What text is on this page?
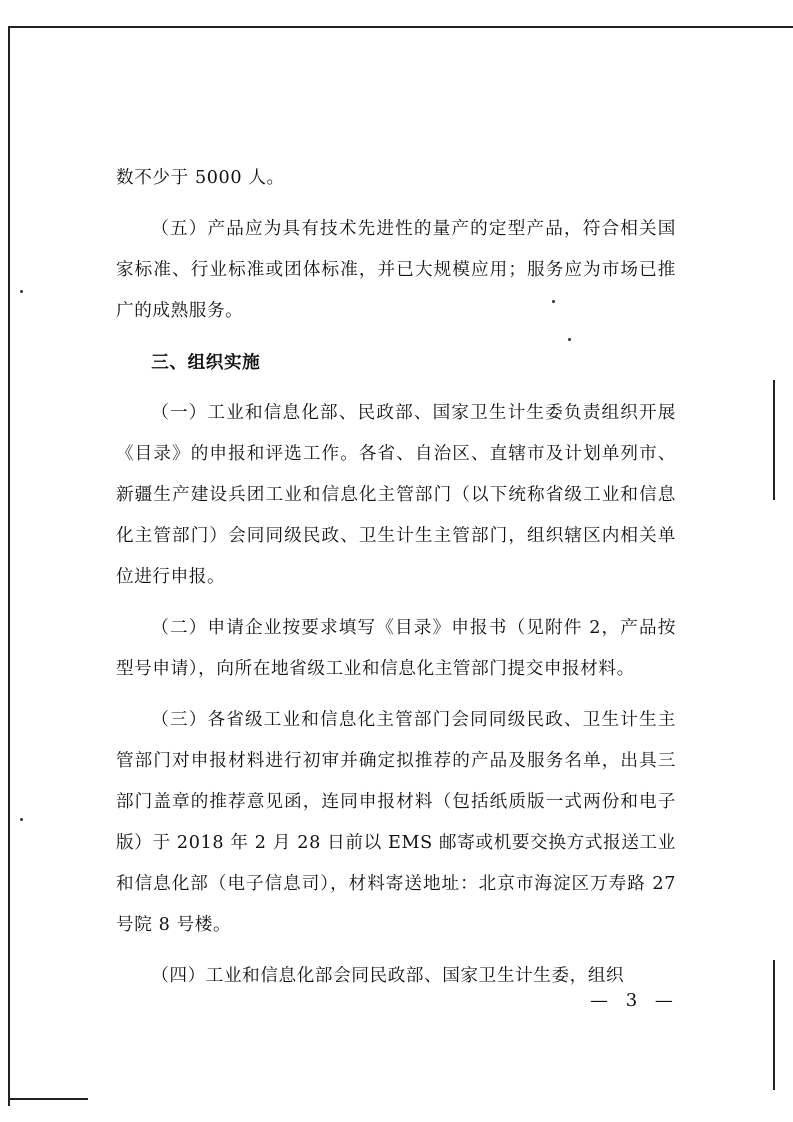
数不少于 5000 人。

（五）产品应为具有技术先进性的量产的定型产品，符合相关国家标准、行业标准或团体标准，并已大规模应用；服务应为市场已推广的成熟服务。

三、组织实施

（一）工业和信息化部、民政部、国家卫生计生委负责组织开展《目录》的申报和评选工作。各省、自治区、直辖市及计划单列市、新疆生产建设兵团工业和信息化主管部门（以下统称省级工业和信息化主管部门）会同同级民政、卫生计生主管部门，组织辖区内相关单位进行申报。

（二）申请企业按要求填写《目录》申报书（见附件 2，产品按型号申请），向所在地省级工业和信息化主管部门提交申报材料。

（三）各省级工业和信息化主管部门会同同级民政、卫生计生主管部门对申报材料进行初审并确定拟推荐的产品及服务名单，出具三部门盖章的推荐意见函，连同申报材料（包括纸质版一式两份和电子版）于 2018 年 2 月 28 日前以 EMS 邮寄或机要交换方式报送工业和信息化部（电子信息司），材料寄送地址：北京市海淀区万寿路 27 号院 8 号楼。

（四）工业和信息化部会同民政部、国家卫生计生委，组织

— 3 —
